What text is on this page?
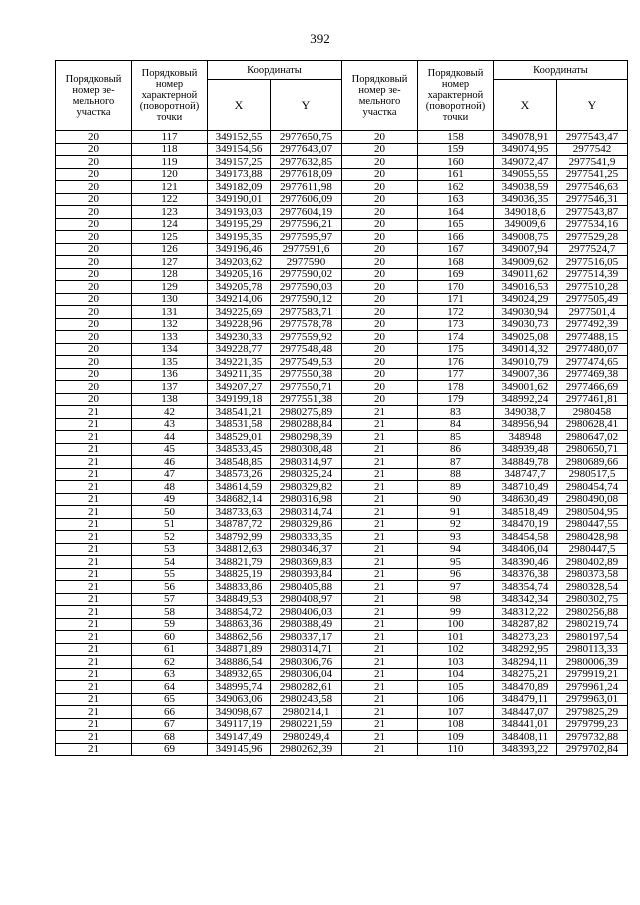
392
Порядковый номер зе-мельного участка	Порядковый номер характерной (поворотной) точки	Координаты		Порядковый номер зе-мельного участка	Порядковый номер характерной (поворотной) точки	Координаты	
		X	Y			X	Y
20	117	349152,55	2977650,75	20	158	349078,91	2977543,47
20	118	349154,56	2977643,07	20	159	349074,95	2977542
20	119	349157,25	2977632,85	20	160	349072,47	2977541,9
20	120	349173,88	2977618,09	20	161	349055,55	2977541,25
20	121	349182,09	2977611,98	20	162	349038,59	2977546,63
20	122	349190,01	2977606,09	20	163	349036,35	2977546,31
20	123	349193,03	2977604,19	20	164	349018,6	2977543,87
20	124	349195,29	2977596,21	20	165	349009,6	2977534,16
20	125	349195,35	2977595,97	20	166	349008,75	2977529,28
20	126	349196,46	2977591,6	20	167	349007,94	2977524,7
20	127	349203,62	2977590	20	168	349009,62	2977516,05
20	128	349205,16	2977590,02	20	169	349011,62	2977514,39
20	129	349205,78	2977590,03	20	170	349016,53	2977510,28
20	130	349214,06	2977590,12	20	171	349024,29	2977505,49
20	131	349225,69	2977583,71	20	172	349030,94	2977501,4
20	132	349228,96	2977578,78	20	173	349030,73	2977492,39
20	133	349230,33	2977559,92	20	174	349025,08	2977488,15
20	134	349228,77	2977548,48	20	175	349014,32	2977480,07
20	135	349221,35	2977549,53	20	176	349010,79	2977474,65
20	136	349211,35	2977550,38	20	177	349007,36	2977469,38
20	137	349207,27	2977550,71	20	178	349001,62	2977466,69
20	138	349199,18	2977551,38	20	179	348992,24	2977461,81
21	42	348541,21	2980275,89	21	83	349038,7	2980458
21	43	348531,58	2980288,84	21	84	348956,94	2980628,41
21	44	348529,01	2980298,39	21	85	348948	2980647,02
21	45	348533,45	2980308,48	21	86	348939,48	2980650,71
21	46	348548,85	2980314,97	21	87	348849,78	2980689,66
21	47	348573,26	2980325,24	21	88	348747,7	2980517,5
21	48	348614,59	2980329,82	21	89	348710,49	2980454,74
21	49	348682,14	2980316,98	21	90	348630,49	2980490,08
21	50	348733,63	2980314,74	21	91	348518,49	2980504,95
21	51	348787,72	2980329,86	21	92	348470,19	2980447,55
21	52	348792,99	2980333,35	21	93	348454,58	2980428,98
21	53	348812,63	2980346,37	21	94	348406,04	2980447,5
21	54	348821,79	2980369,83	21	95	348390,46	2980402,89
21	55	348825,19	2980393,84	21	96	348376,38	2980373,58
21	56	348833,86	2980405,88	21	97	348354,74	2980328,54
21	57	348849,53	2980408,97	21	98	348342,34	2980302,75
21	58	348854,72	2980406,03	21	99	348312,22	2980256,88
21	59	348863,36	2980388,49	21	100	348287,82	2980219,74
21	60	348862,56	2980337,17	21	101	348273,23	2980197,54
21	61	348871,89	2980314,71	21	102	348292,95	2980113,33
21	62	348886,54	2980306,76	21	103	348294,11	2980006,39
21	63	348932,65	2980306,04	21	104	348275,21	2979919,21
21	64	348995,74	2980282,61	21	105	348470,89	2979961,24
21	65	349063,06	2980243,58	21	106	348479,11	2979963,01
21	66	349098,67	2980214,1	21	107	348447,07	2979825,29
21	67	349117,19	2980221,59	21	108	348441,01	2979799,23
21	68	349147,49	2980249,4	21	109	348408,11	2979732,88
21	69	349145,96	2980262,39	21	110	348393,22	2979702,84
